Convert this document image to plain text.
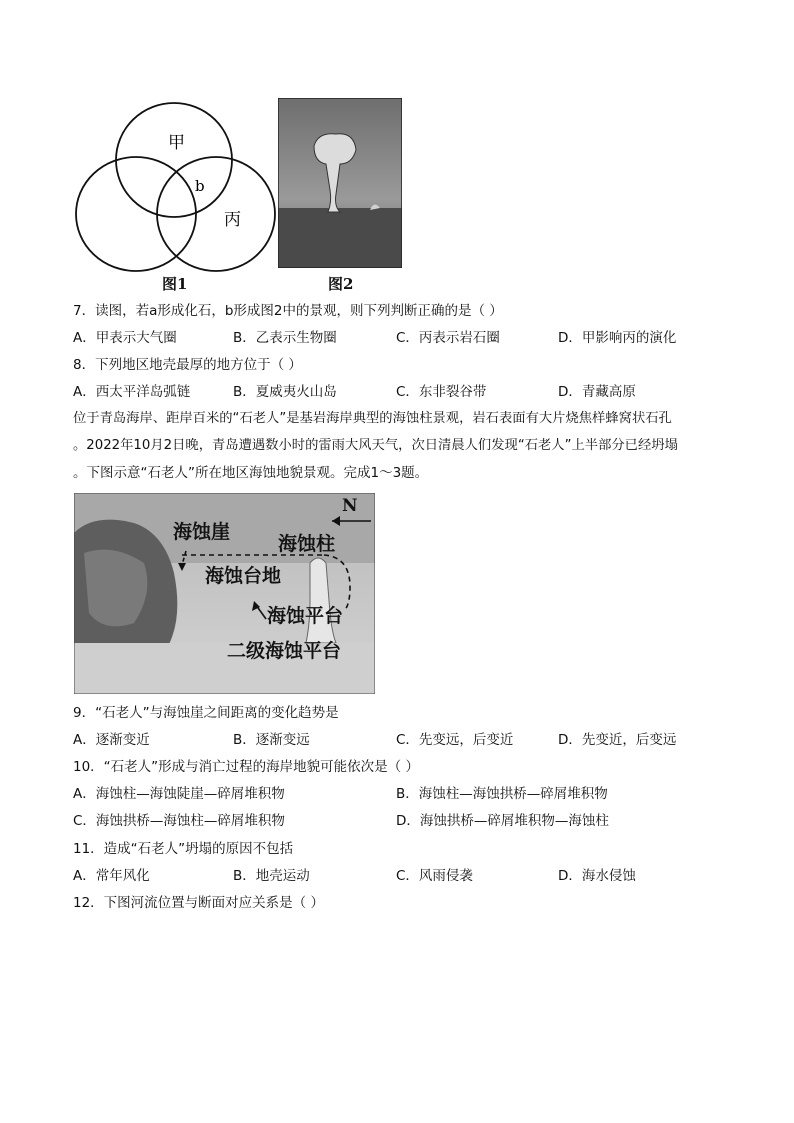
甲
b
丙
图1	图2
7．读图，若a形成化石，b形成图2中的景观，则下列判断正确的是（ ）
A．甲表示大气圈	B．乙表示生物圈	C．丙表示岩石圈	D．甲影响丙的演化
8．下列地区地壳最厚的地方位于（ ）
A．西太平洋岛弧链	B．夏威夷火山岛	C．东非裂谷带	D．青藏高原
位于青岛海岸、距岸百米的“石老人”是基岩海岸典型的海蚀柱景观，岩石表面有大片烧焦样蜂窝状石孔
。2022年10月2日晚，青岛遭遇数小时的雷雨大风天气，次日清晨人们发现“石老人”上半部分已经坍塌
。下图示意“石老人”所在地区海蚀地貌景观。完成1～3题。
N
海蚀崖
海蚀柱
海蚀台地
海蚀平台
二级海蚀平台
9．“石老人”与海蚀崖之间距离的变化趋势是
A．逐渐变近	B．逐渐变远	C．先变远，后变近	D．先变近，后变远
10．“石老人”形成与消亡过程的海岸地貌可能依次是（ ）
A．海蚀柱—海蚀陡崖—碎屑堆积物	B．海蚀柱—海蚀拱桥—碎屑堆积物
C．海蚀拱桥—海蚀柱—碎屑堆积物	D．海蚀拱桥—碎屑堆积物—海蚀柱
11．造成“石老人”坍塌的原因不包括
A．常年风化	B．地壳运动	C．风雨侵袭	D．海水侵蚀
12．下图河流位置与断面对应关系是（ ）
